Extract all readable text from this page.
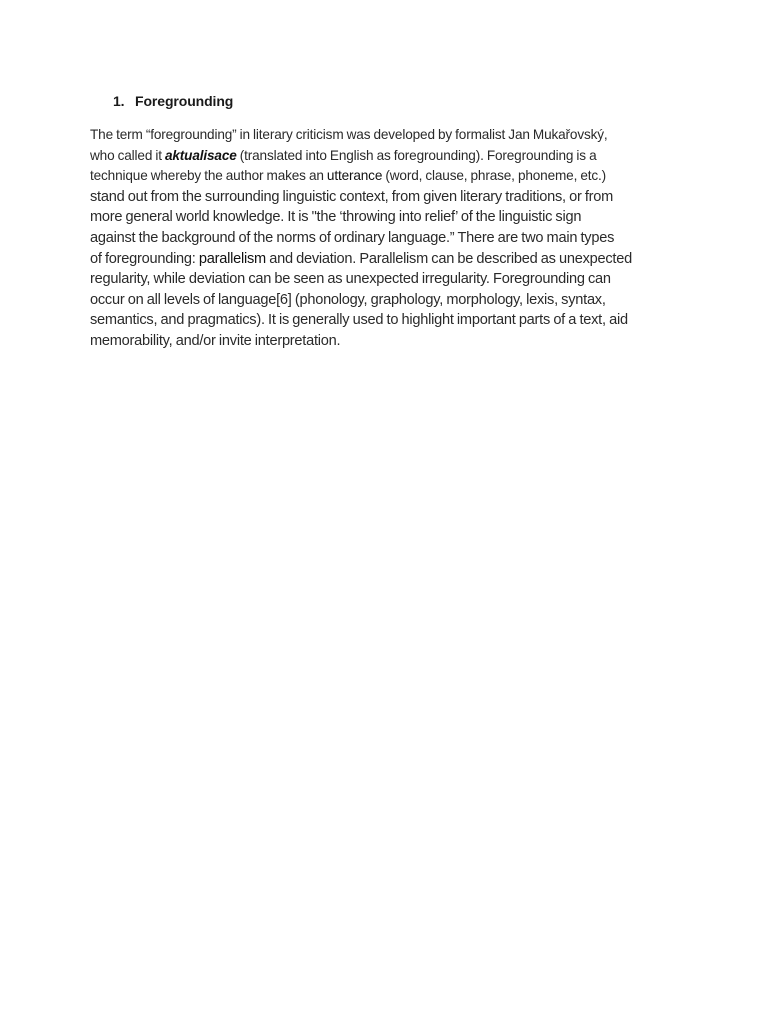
1. Foregrounding
The term “foregrounding” in literary criticism was developed by formalist Jan Mukařovský,
who called it aktualisace (translated into English as foregrounding). Foregrounding is a
technique whereby the author makes an utterance (word, clause, phrase, phoneme, etc.)
stand out from the surrounding linguistic context, from given literary traditions, or from
more general world knowledge. It is "the ‘throwing into relief’ of the linguistic sign
against the background of the norms of ordinary language.” There are two main types
of foregrounding: parallelism and deviation. Parallelism can be described as unexpected
regularity, while deviation can be seen as unexpected irregularity. Foregrounding can
occur on all levels of language[6] (phonology, graphology, morphology, lexis, syntax,
semantics, and pragmatics). It is generally used to highlight important parts of a text, aid
memorability, and/or invite interpretation.
